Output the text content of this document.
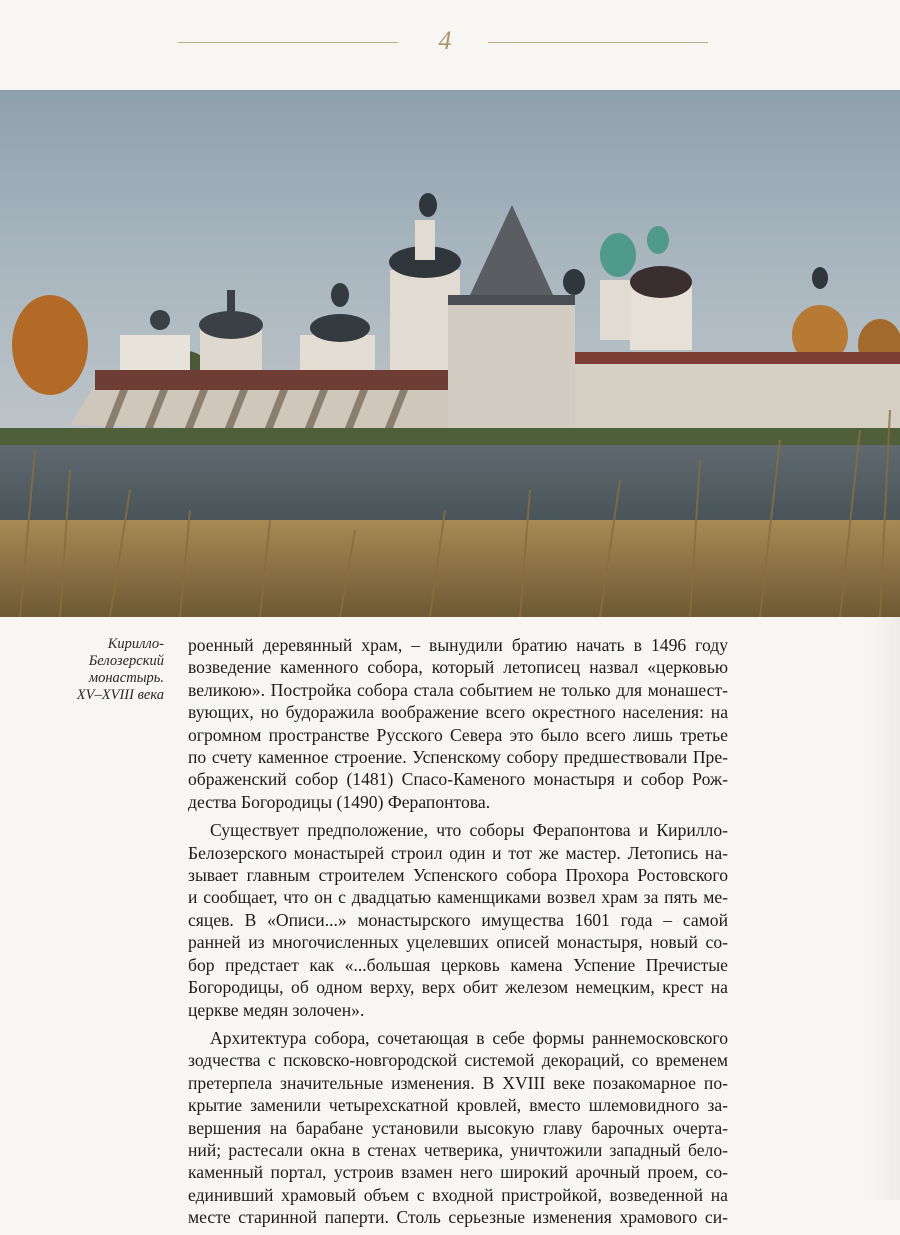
4
Кирилло-
Белозерский
монастырь.
XV–XVIII века

роенный деревянный храм, – вынудили братию начать в 1496 году
возведение каменного собора, который летописец назвал «церковью
великою». Постройка собора стала событием не только для монашест-
вующих, но будоражила воображение всего окрестного населения: на
огромном пространстве Русского Севера это было всего лишь третье
по счету каменное строение. Успенскому собору предшествовали Пре-
ображенский собор (1481) Спасо-Каменого монастыря и собор Рож-
дества Богородицы (1490) Ферапонтова.

Существует предположение, что соборы Ферапонтова и Кирилло-
Белозерского монастырей строил один и тот же мастер. Летопись на-
зывает главным строителем Успенского собора Прохора Ростовского
и сообщает, что он с двадцатью каменщиками возвел храм за пять ме-
сяцев. В «Описи...» монастырского имущества 1601 года – самой
ранней из многочисленных уцелевших описей монастыря, новый со-
бор предстает как «...большая церковь камена Успение Пречистые
Богородицы, об одном верху, верх обит железом немецким, крест на
церкве медян золочен».

Архитектура собора, сочетающая в себе формы раннемосковского
зодчества с псковско-новгородской системой декораций, со временем
претерпела значительные изменения. В XVIII веке позакомарное по-
крытие заменили четырехскатной кровлей, вместо шлемовидного за-
вершения на барабане установили высокую главу барочных очерта-
ний; растесали окна в стенах четверика, уничтожили западный бело-
каменный портал, устроив взамен него широкий арочный проем, со-
единивший храмовый объем с входной пристройкой, возведенной на
месте старинной паперти. Столь серьезные изменения храмового си-
